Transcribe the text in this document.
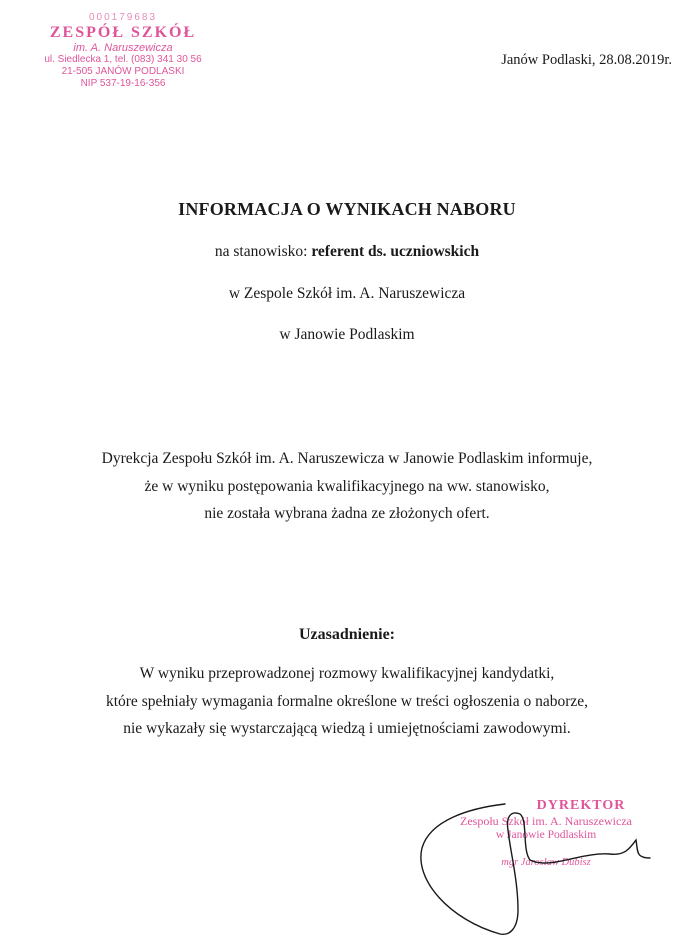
000179683
ZESPÓŁ SZKÓŁ
im. A. Naruszewicza
ul. Siedlecka 1, tel. (083) 341 30 56
21-505 JANÓW PODLASKI
NIP 537-19-16-356
Janów Podlaski, 28.08.2019r.
INFORMACJA O WYNIKACH NABORU
na stanowisko: referent ds. uczniowskich
w Zespole Szkół im. A. Naruszewicza
w Janowie Podlaskim
Dyrekcja Zespołu Szkół im. A. Naruszewicza w Janowie Podlaskim informuje,
że w wyniku postępowania kwalifikacyjnego na ww. stanowisko,
nie została wybrana żadna ze złożonych ofert.
Uzasadnienie:
W wyniku przeprowadzonej rozmowy kwalifikacyjnej kandydatki,
które spełniały wymagania formalne określone w treści ogłoszenia o naborze,
nie wykazały się wystarczającą wiedzą i umiejętnościami zawodowymi.
DYREKTOR
Zespołu Szkół im. A. Naruszewicza
w Janowie Podlaskim
mgr Jarosław Dubisz
